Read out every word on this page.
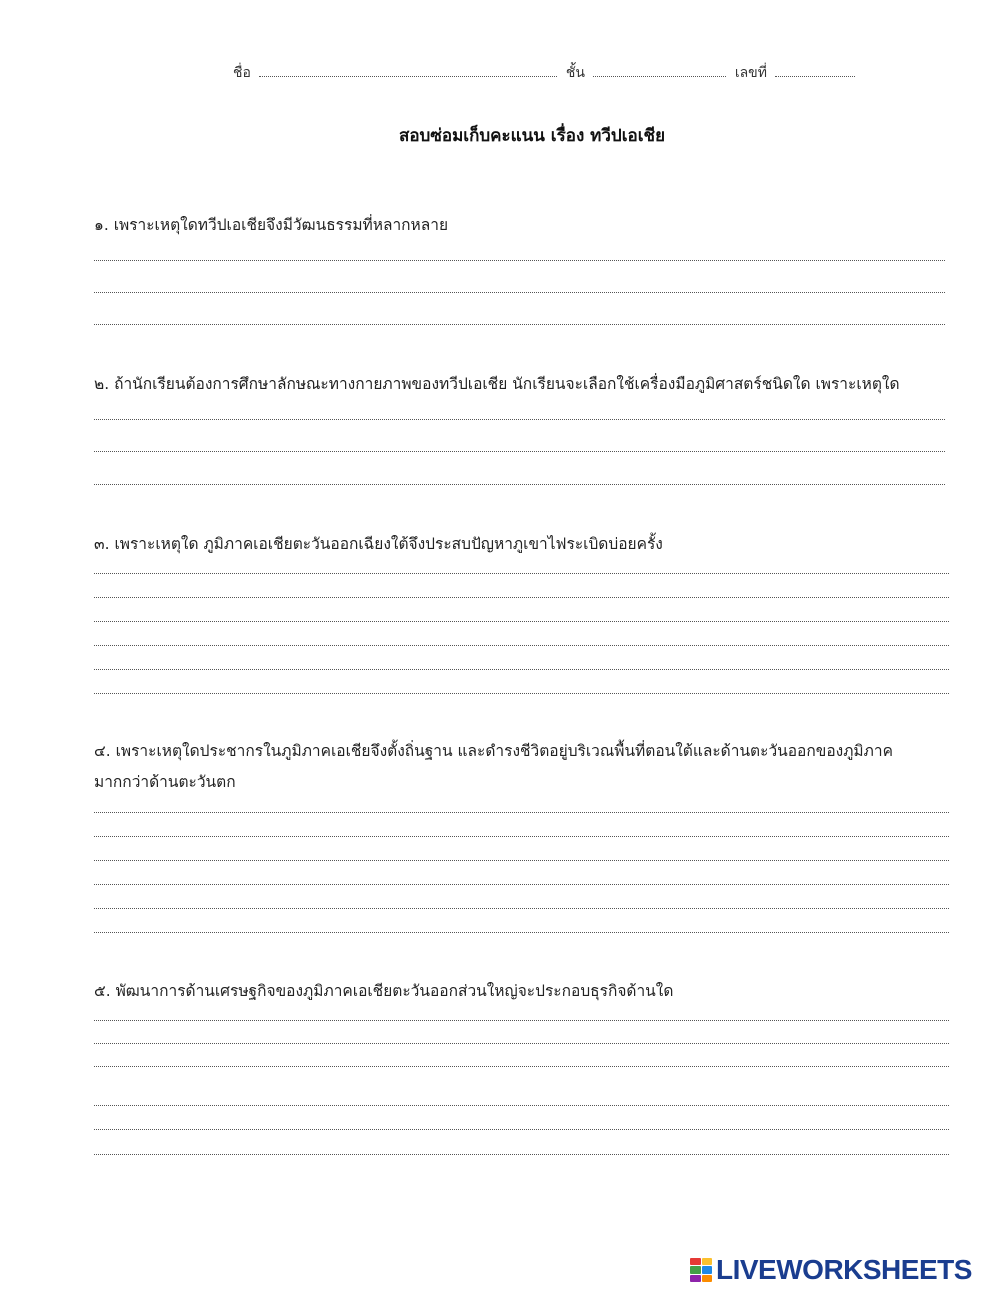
ชื่อ	ชั้น	เลขที่
สอบซ่อมเก็บคะแนน เรื่อง ทวีปเอเชีย
๑. เพราะเหตุใดทวีปเอเชียจึงมีวัฒนธรรมที่หลากหลาย
๒. ถ้านักเรียนต้องการศึกษาลักษณะทางกายภาพของทวีปเอเชีย นักเรียนจะเลือกใช้เครื่องมือภูมิศาสตร์ชนิดใด เพราะเหตุใด
๓. เพราะเหตุใด ภูมิภาคเอเชียตะวันออกเฉียงใต้จึงประสบปัญหาภูเขาไฟระเบิดบ่อยครั้ง
๔. เพราะเหตุใดประชากรในภูมิภาคเอเชียจึงตั้งถิ่นฐาน และดำรงชีวิตอยู่บริเวณพื้นที่ตอนใต้และด้านตะวันออกของภูมิภาค มากกว่าด้านตะวันตก
๕. พัฒนาการด้านเศรษฐกิจของภูมิภาคเอเชียตะวันออกส่วนใหญ่จะประกอบธุรกิจด้านใด
LIVEWORKSHEETS
